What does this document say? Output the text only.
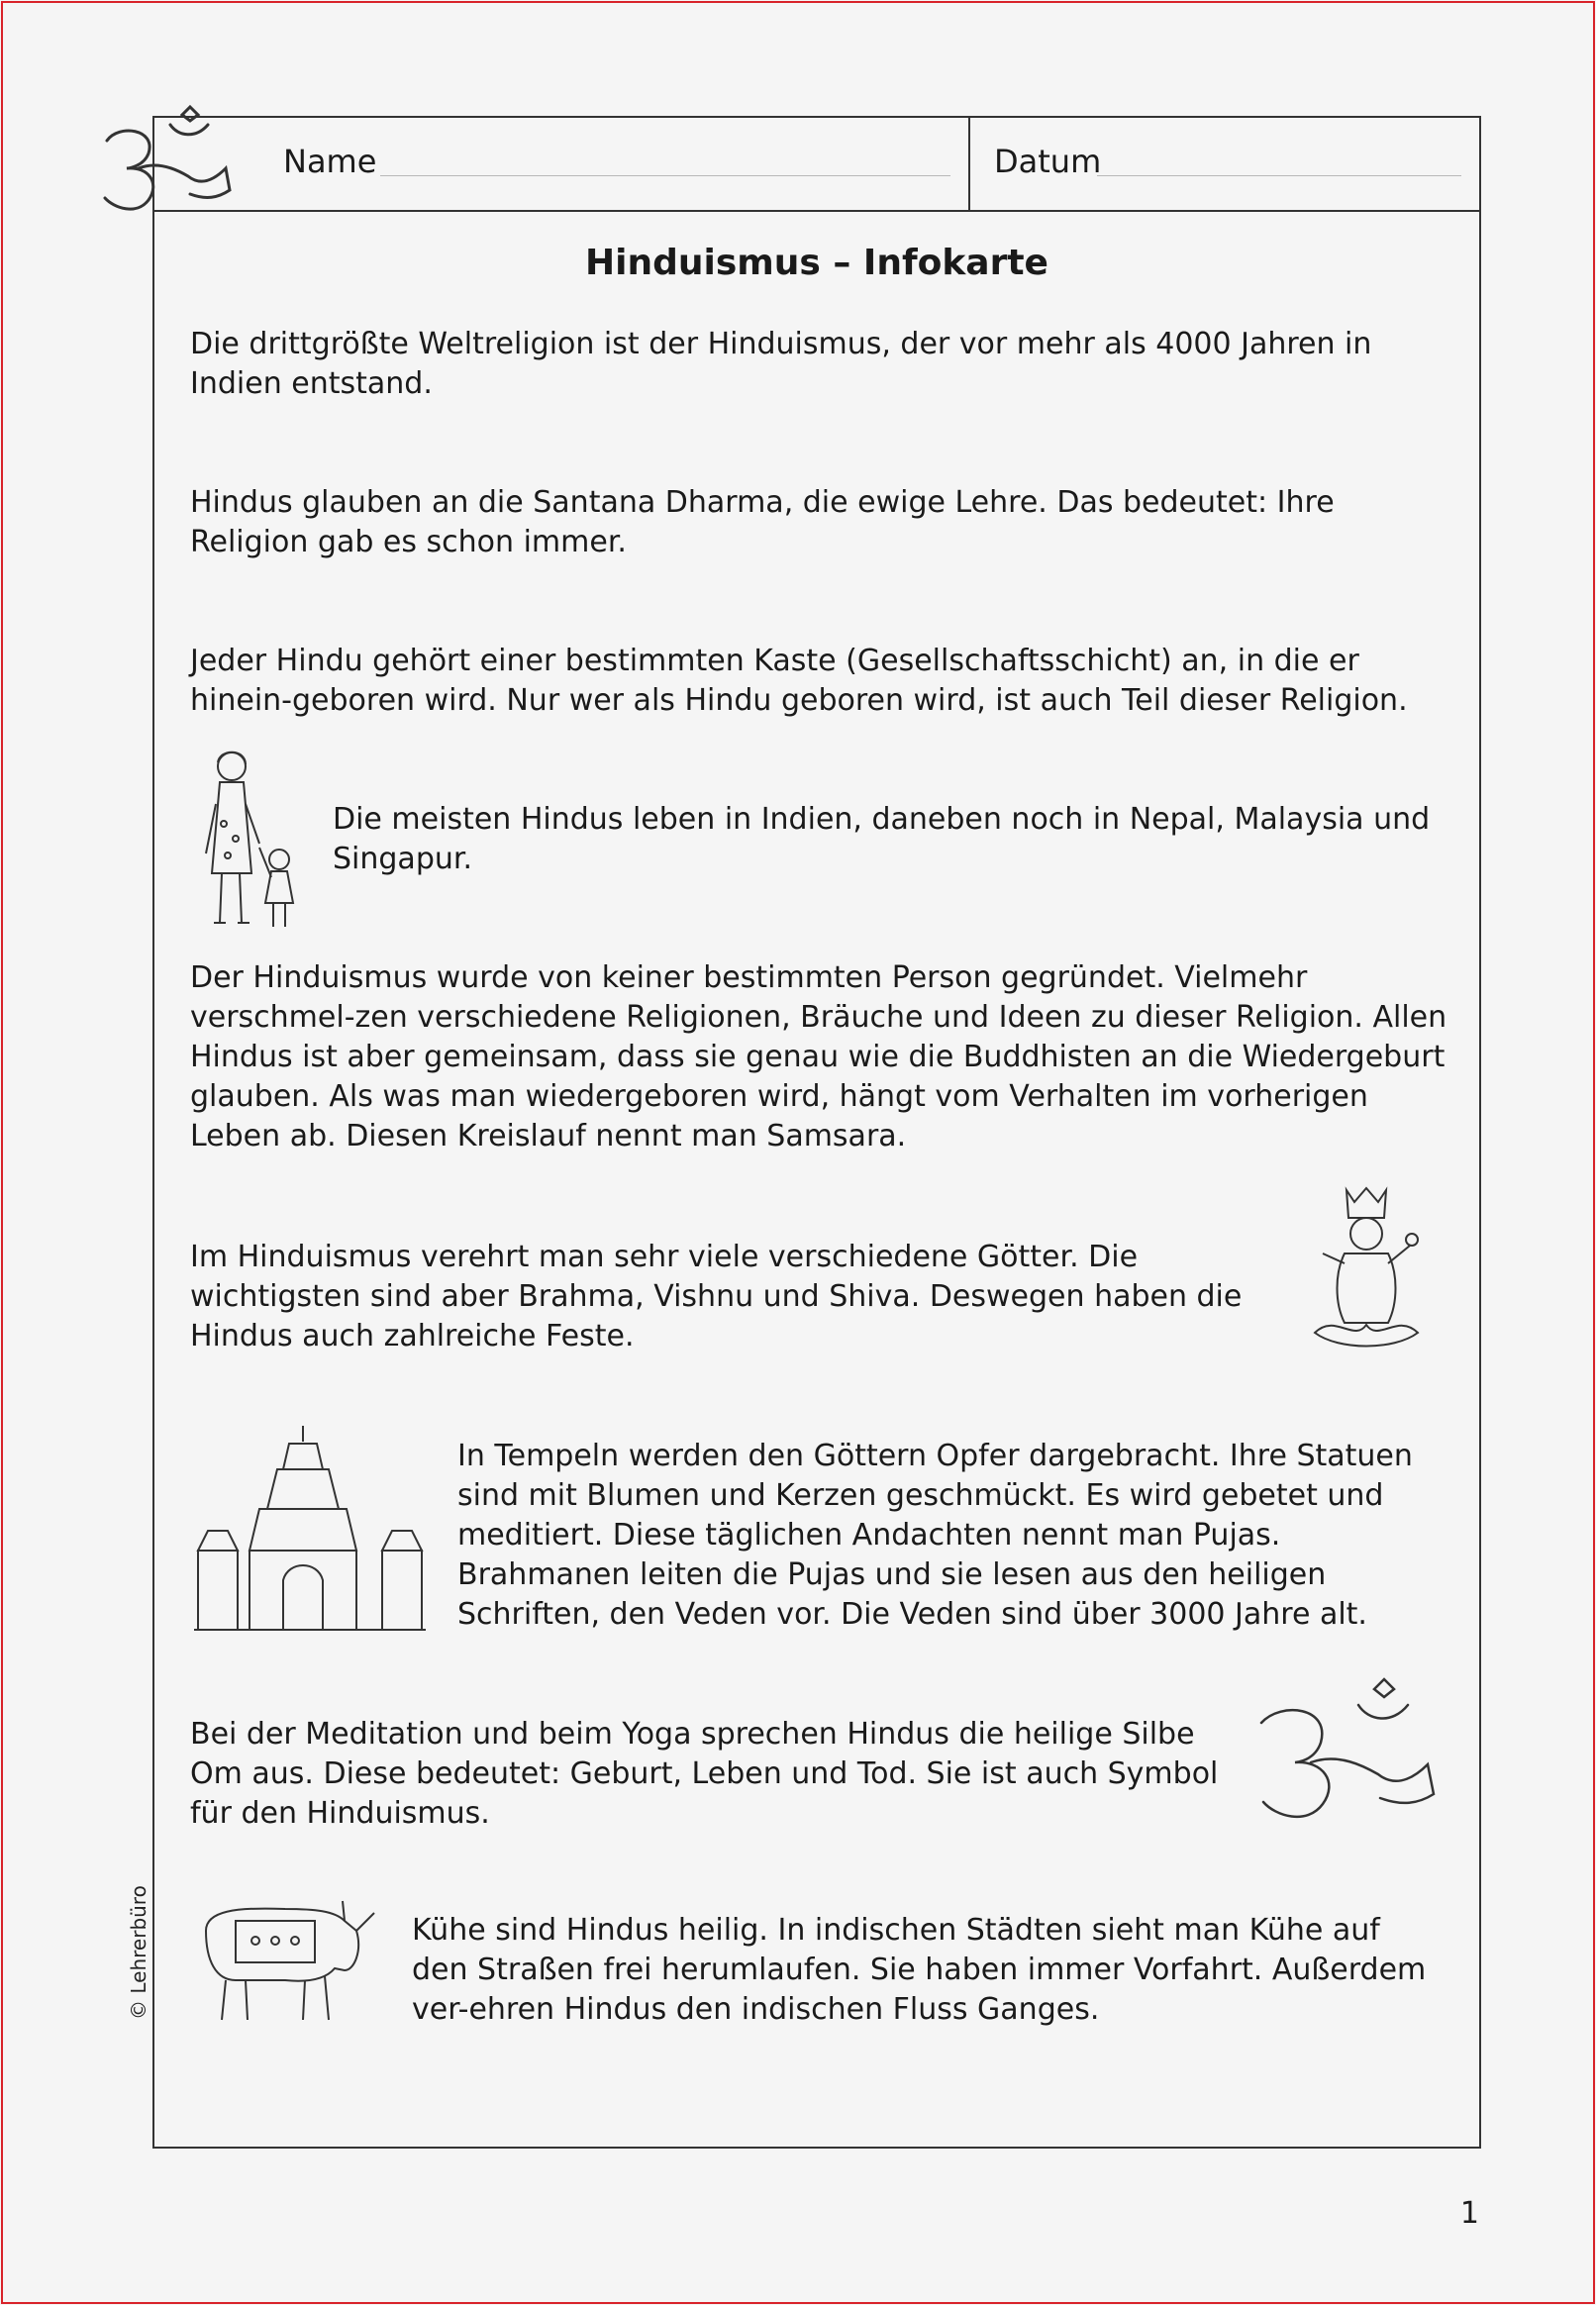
Name	Datum
Hinduismus – Infokarte

Die drittgrößte Weltreligion ist der Hinduismus, der vor mehr als 4000 Jahren in Indien entstand.

Hindus glauben an die Santana Dharma, die ewige Lehre. Das bedeutet: Ihre Religion gab es schon immer.

Jeder Hindu gehört einer bestimmten Kaste (Gesellschaftsschicht) an, in die er hinein-geboren wird. Nur wer als Hindu geboren wird, ist auch Teil dieser Religion.

Die meisten Hindus leben in Indien, daneben noch in Nepal, Malaysia und Singapur.

Der Hinduismus wurde von keiner bestimmten Person gegründet. Vielmehr verschmel-zen verschiedene Religionen, Bräuche und Ideen zu dieser Religion. Allen Hindus ist aber gemeinsam, dass sie genau wie die Buddhisten an die Wiedergeburt glauben. Als was man wiedergeboren wird, hängt vom Verhalten im vorherigen Leben ab. Diesen Kreislauf nennt man Samsara.

Im Hinduismus verehrt man sehr viele verschiedene Götter. Die wichtigsten sind aber Brahma, Vishnu und Shiva. Deswegen haben die Hindus auch zahlreiche Feste.

In Tempeln werden den Göttern Opfer dargebracht. Ihre Statuen sind mit Blumen und Kerzen geschmückt. Es wird gebetet und meditiert. Diese täglichen Andachten nennt man Pujas. Brahmanen leiten die Pujas und sie lesen aus den heiligen Schriften, den Veden vor. Die Veden sind über 3000 Jahre alt.

Bei der Meditation und beim Yoga sprechen Hindus die heilige Silbe Om aus. Diese bedeutet: Geburt, Leben und Tod. Sie ist auch Symbol für den Hinduismus.

Kühe sind Hindus heilig. In indischen Städten sieht man Kühe auf den Straßen frei herumlaufen. Sie haben immer Vorfahrt. Außerdem ver-ehren Hindus den indischen Fluss Ganges.

© Lehrerbüro
1
